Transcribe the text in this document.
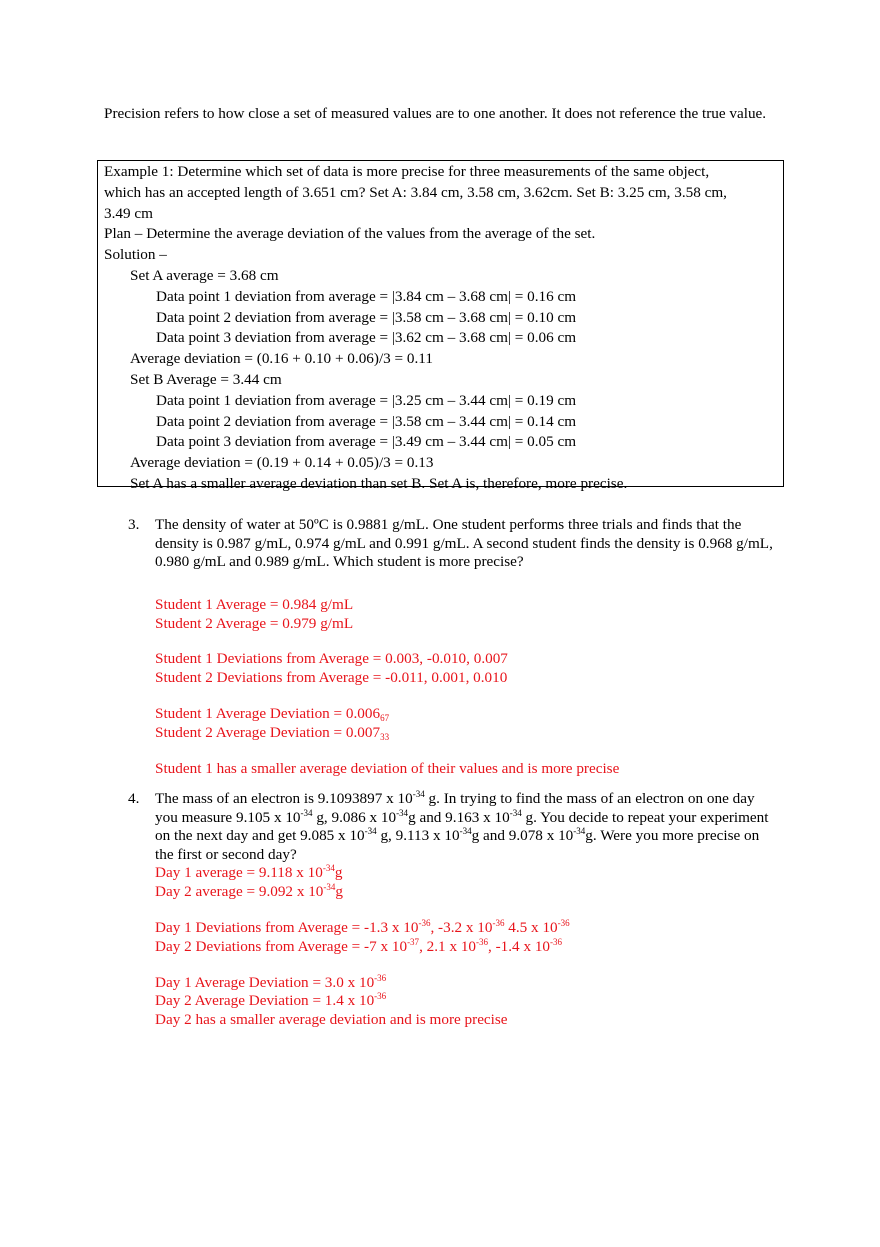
Precision refers to how close a set of measured values are to one another. It does not reference the true value.
Example 1: Determine which set of data is more precise for three measurements of the same object,
which has an accepted length of 3.651 cm? Set A: 3.84 cm, 3.58 cm, 3.62cm. Set B: 3.25 cm, 3.58 cm,
3.49 cm
Plan – Determine the average deviation of the values from the average of the set.
Solution –
Set A average = 3.68 cm
Data point 1 deviation from average = |3.84 cm – 3.68 cm| = 0.16 cm
Data point 2 deviation from average = |3.58 cm – 3.68 cm| = 0.10 cm
Data point 3 deviation from average = |3.62 cm – 3.68 cm| = 0.06 cm
Average deviation = (0.16 + 0.10 + 0.06)/3 = 0.11
Set B Average = 3.44 cm
Data point 1 deviation from average = |3.25 cm – 3.44 cm| = 0.19 cm
Data point 2 deviation from average = |3.58 cm – 3.44 cm| = 0.14 cm
Data point 3 deviation from average = |3.49 cm – 3.44 cm| = 0.05 cm
Average deviation = (0.19 + 0.14 + 0.05)/3 = 0.13
Set A has a smaller average deviation than set B. Set A is, therefore, more precise.
3.	The density of water at 50ºC is 0.9881 g/mL. One student performs three trials and finds that the density is 0.987 g/mL, 0.974 g/mL and 0.991 g/mL. A second student finds the density is 0.968 g/mL, 0.980 g/mL and 0.989 g/mL. Which student is more precise?
Student 1 Average = 0.984 g/mL
Student 2 Average = 0.979 g/mL
Student 1 Deviations from Average = 0.003, -0.010, 0.007
Student 2 Deviations from Average = -0.011, 0.001, 0.010
Student 1 Average Deviation = $0.006_{67}$
Student 2 Average Deviation = $0.007_{33}$
Student 1 has a smaller average deviation of their values and is more precise
4.	The mass of an electron is 9.1093897 x $10^{-34}$ g. In trying to find the mass of an electron on one day you measure 9.105 x $10^{-34}$ g, 9.086 x $10^{-34}g$ and 9.163 x $10^{-34}$ g. You decide to repeat your experiment on the next day and get 9.085 x $10^{-34}$ g, 9.113 x $10^{-34}g$ and 9.078 x $10^{-34}g$. Were you more precise on the first or second day?
Day 1 average = 9.118 x $10^{-34}g$
Day 2 average = 9.092 x $10^{-34}g$
Day 1 Deviations from Average = -1.3 x $10^{-36}$, -3.2 x $10^{-36}$ 4.5 x $10^{-36}$
Day 2 Deviations from Average = -7 x $10^{-37}$, 2.1 x $10^{-36}$, -1.4 x $10^{-36}$
Day 1 Average Deviation = 3.0 x $10^{-36}$
Day 2 Average Deviation = 1.4 x $10^{-36}$
Day 2 has a smaller average deviation and is more precise
